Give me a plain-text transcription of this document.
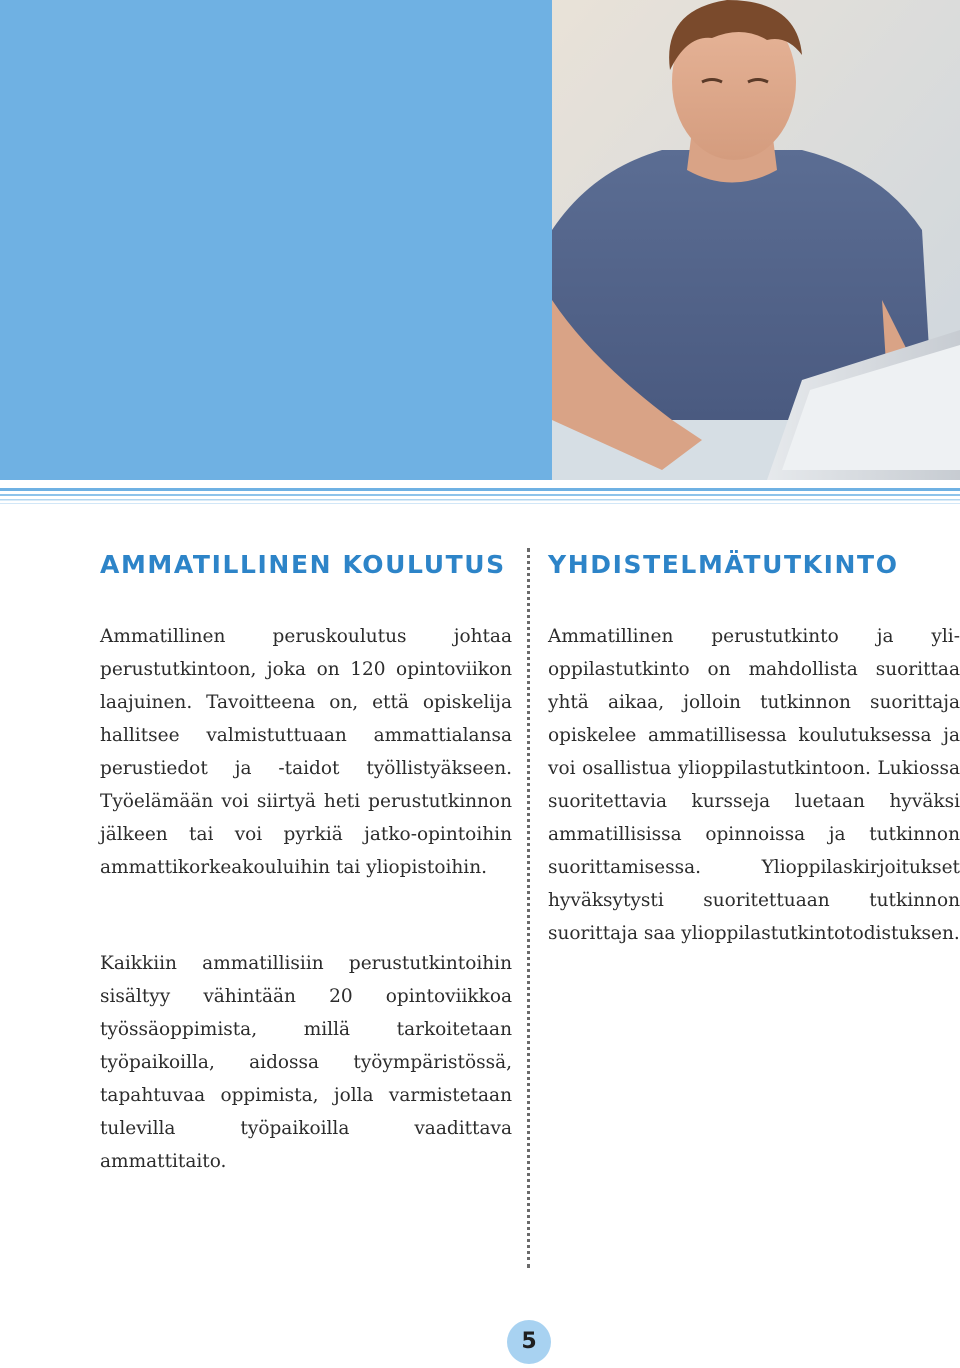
AMMATILLINEN KOULUTUS YHDISTELMÄTUTKINTO

Ammatillinen peruskoulutus johtaa perustutkintoon, joka on 120 opintoviikon laajuinen. Tavoitteena on, että opiskelija hallitsee valmistuttuaan ammattialansa perustiedot ja -taidot työllistyäkseen. Työelämään voi siirtyä heti perustutkinnon jälkeen tai voi pyrkiä jatko-opintoihin ammattikorkeakouluihin tai yliopistoihin.

Kaikkiin ammatillisiin perustutkintoihin sisältyy vähintään 20 opintoviikkoa työssäoppimista, millä tarkoitetaan työpaikoilla, aidossa työympäristössä, tapahtuvaa oppimista, jolla varmistetaan tulevilla työpaikoilla vaadittava ammattitaito.

Ammatillinen perustutkinto ja ylioppilastutkinto on mahdollista suorittaa yhtä aikaa, jolloin tutkinnon suorittaja opiskelee ammatillisessa koulutuksessa ja voi osallistua ylioppilastutkintoon. Lukiossa suoritettavia kursseja luetaan hyväksi ammatillisissa opinnoissa ja tutkinnon suorittamisessa. Ylioppilaskirjoitukset hyväksytysti suoritettuaan tutkinnon suorittaja saa ylioppilastutkintotodistuksen.

5
